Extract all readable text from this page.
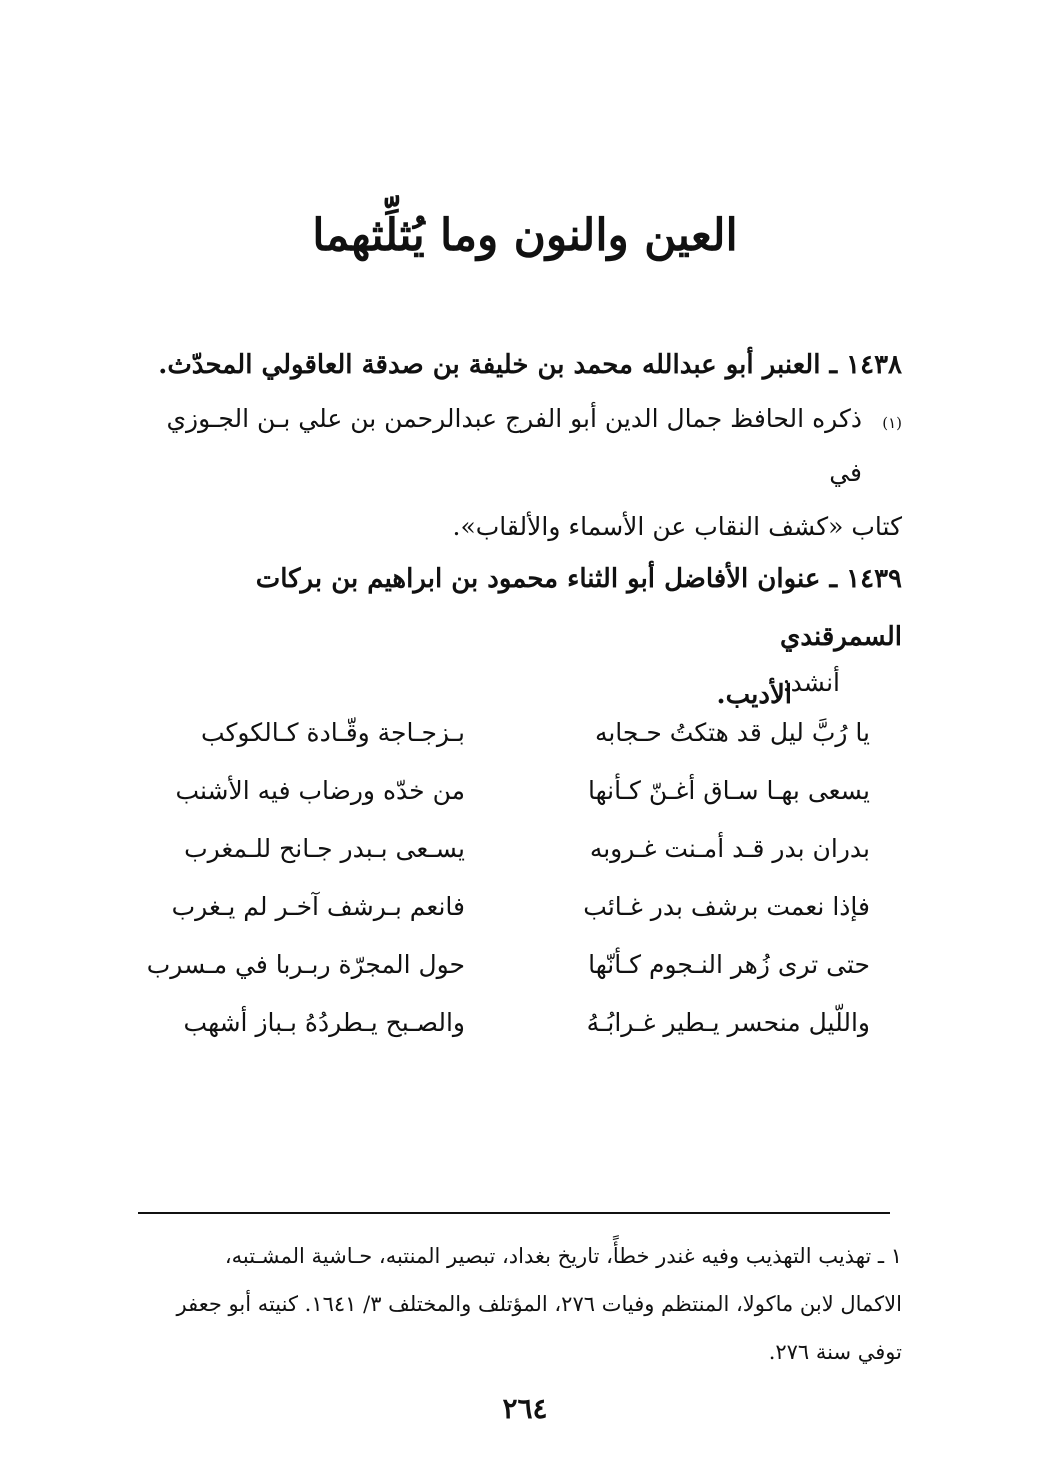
العين والنون وما يُثلِّثهما
١٤٣٨ ـ العنبر أبو عبدالله محمد بن خليفة بن صدقة العاقولي المحدّث.$^{(١)}$
ذكره الحافظ جمال الدين أبو الفرج عبدالرحمن بن علي بـن الجـوزي في
كتاب «كشف النقاب عن الأسماء والألقاب».
١٤٣٩ ـ عنوان الأفاضل أبو الثناء محمود بن ابراهيم بن بركات السمرقندي
الأديب.
أنشد:
يا رُبَّ ليل قد هتكتُ حـجابه
بـزجـاجة وقّـادة كـالكوكب
يسعى بهـا سـاق أغـنّ كـأنها
من خدّه ورضاب فيه الأشنب
بدران بدر قـد أمـنت غـروبه
يسـعى بـبدر جـانح للـمغرب
فإذا نعمت برشف بدر غـائب
فانعم بـرشف آخـر لم يـغرب
حتى ترى زُهر النـجوم كـأنّها
حول المجرّة ربـربا في مـسرب
واللّيل منحسر يـطير غـرابُـهُ
والصـبح يـطردُهُ بـباز أشهب
١ ـ تهذيب التهذيب وفيه غندر خطأً، تاريخ بغداد، تبصير المنتبه، حـاشية المشـتبه،
الاكمال لابن ماكولا، المنتظم وفيات ٢٧٦، المؤتلف والمختلف ٣/ ١٦٤١. كنيته أبو جعفر
توفي سنة ٢٧٦.
٢٦٤
